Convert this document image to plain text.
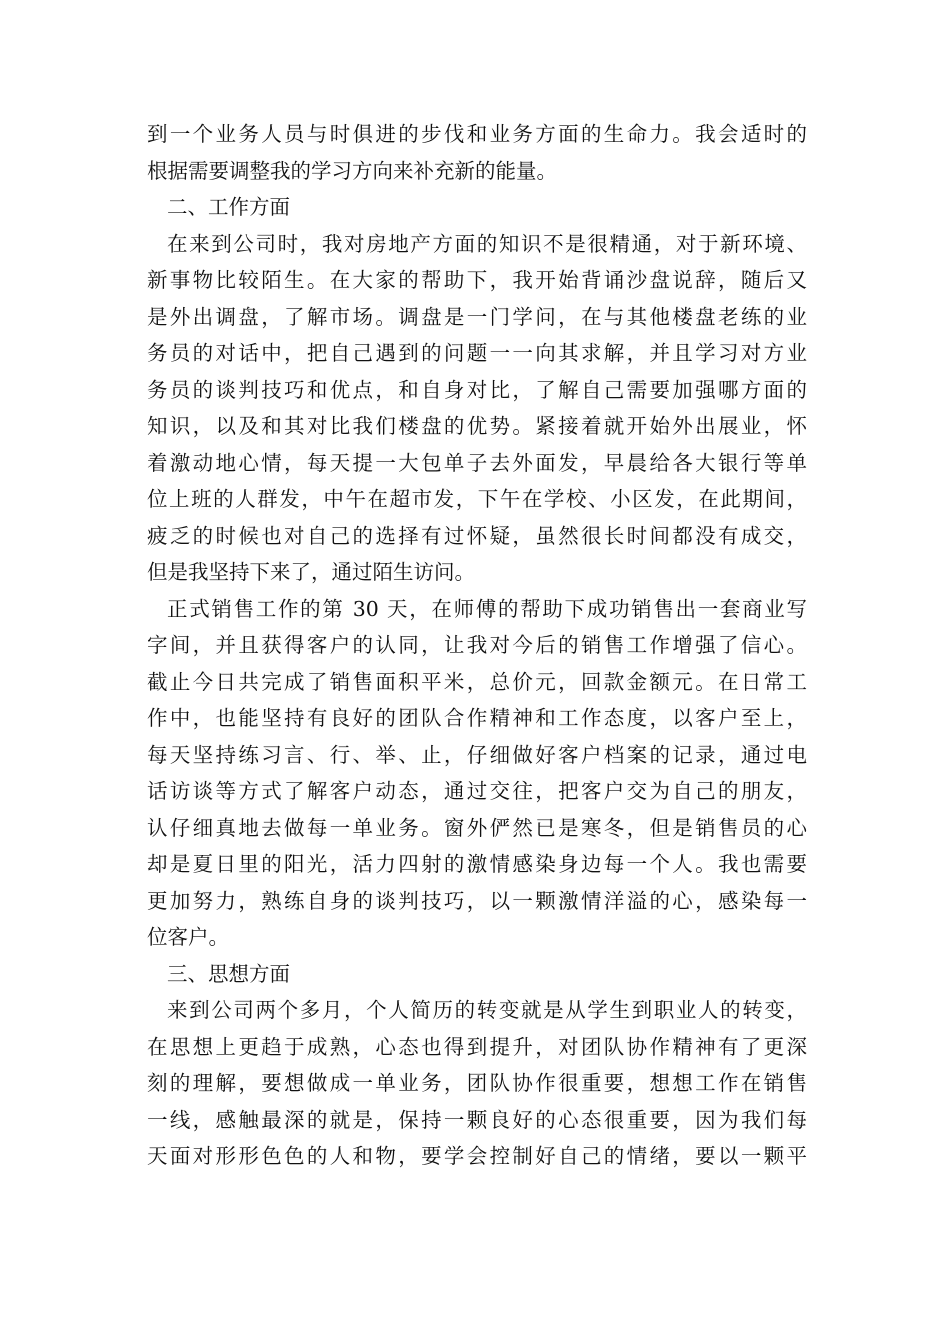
到一个业务人员与时俱进的步伐和业务方面的生命力。我会适时的
根据需要调整我的学习方向来补充新的能量。
二、工作方面
在来到公司时，我对房地产方面的知识不是很精通，对于新环境、
新事物比较陌生。在大家的帮助下，我开始背诵沙盘说辞，随后又
是外出调盘，了解市场。调盘是一门学问，在与其他楼盘老练的业
务员的对话中，把自己遇到的问题一一向其求解，并且学习对方业
务员的谈判技巧和优点，和自身对比，了解自己需要加强哪方面的
知识，以及和其对比我们楼盘的优势。紧接着就开始外出展业，怀
着激动地心情，每天提一大包单子去外面发，早晨给各大银行等单
位上班的人群发，中午在超市发，下午在学校、小区发，在此期间，
疲乏的时候也对自己的选择有过怀疑，虽然很长时间都没有成交，
但是我坚持下来了，通过陌生访问。
正式销售工作的第 30 天，在师傅的帮助下成功销售出一套商业写
字间，并且获得客户的认同，让我对今后的销售工作增强了信心。
截止今日共完成了销售面积平米，总价元，回款金额元。在日常工
作中，也能坚持有良好的团队合作精神和工作态度，以客户至上，
每天坚持练习言、行、举、止，仔细做好客户档案的记录，通过电
话访谈等方式了解客户动态，通过交往，把客户交为自己的朋友，
认仔细真地去做每一单业务。窗外俨然已是寒冬，但是销售员的心
却是夏日里的阳光，活力四射的激情感染身边每一个人。我也需要
更加努力，熟练自身的谈判技巧，以一颗激情洋溢的心，感染每一
位客户。
三、思想方面
来到公司两个多月，个人简历的转变就是从学生到职业人的转变，
在思想上更趋于成熟，心态也得到提升，对团队协作精神有了更深
刻的理解，要想做成一单业务，团队协作很重要，想想工作在销售
一线，感触最深的就是，保持一颗良好的心态很重要，因为我们每
天面对形形色色的人和物，要学会控制好自己的情绪，要以一颗平
